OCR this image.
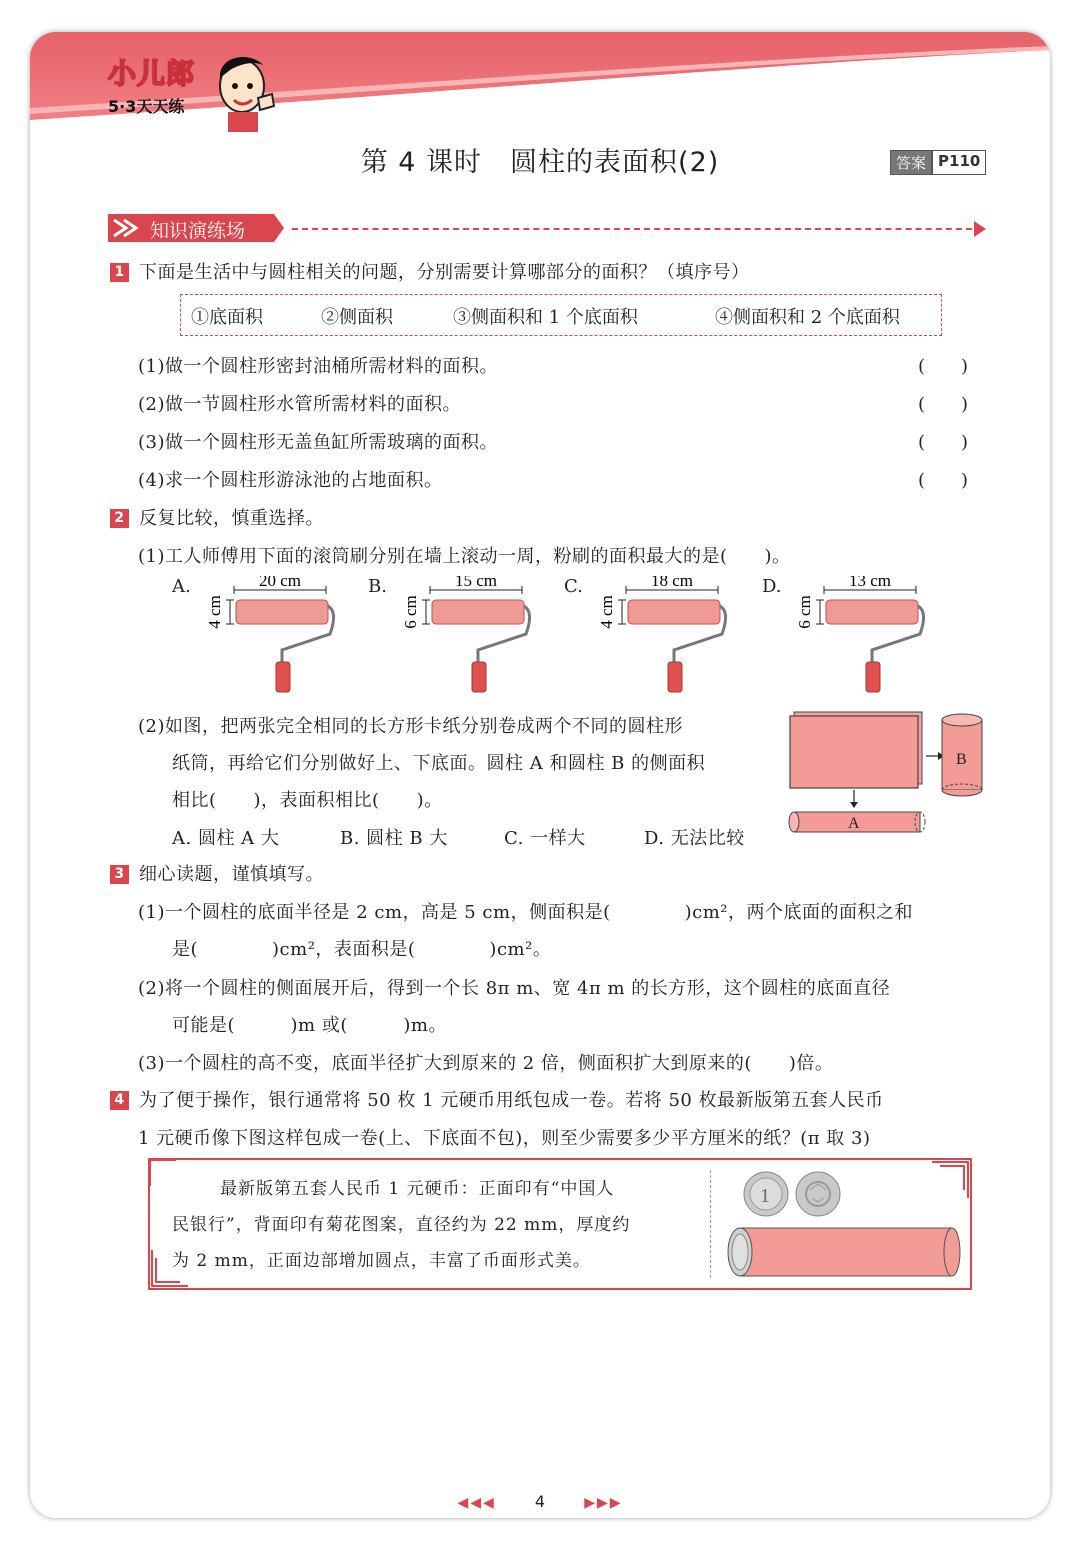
小儿郎
5·3天天练
第 4 课时　圆柱的表面积(2)	答案 P110
知识演练场
1 下面是生活中与圆柱相关的问题，分别需要计算哪部分的面积？（填序号）
①底面积	②侧面积	③侧面积和 1 个底面积	④侧面积和 2 个底面积
(1)做一个圆柱形密封油桶所需材料的面积。	(　　)
(2)做一节圆柱形水管所需材料的面积。	(　　)
(3)做一个圆柱形无盖鱼缸所需玻璃的面积。	(　　)
(4)求一个圆柱形游泳池的占地面积。	(　　)
2 反复比较，慎重选择。
(1)工人师傅用下面的滚筒刷分别在墙上滚动一周，粉刷的面积最大的是(　　)。
A.	20 cm
4 cm
B.	15 cm
6 cm
C.	18 cm
4 cm
D.	13 cm
6 cm
(2)如图，把两张完全相同的长方形卡纸分别卷成两个不同的圆柱形
纸筒，再给它们分别做好上、下底面。圆柱 A 和圆柱 B 的侧面积
相比(　　)，表面积相比(　　)。
A. 圆柱 A 大	B. 圆柱 B 大	C. 一样大	D. 无法比较
B
A
3 细心读题，谨慎填写。
(1)一个圆柱的底面半径是 2 cm，高是 5 cm，侧面积是(　　　　)cm²，两个底面的面积之和
是(　　　　)cm²，表面积是(　　　　)cm²。
(2)将一个圆柱的侧面展开后，得到一个长 8π m、宽 4π m 的长方形，这个圆柱的底面直径
可能是(　　　)m 或(　　　)m。
(3)一个圆柱的高不变，底面半径扩大到原来的 2 倍，侧面积扩大到原来的(　　)倍。
4 为了便于操作，银行通常将 50 枚 1 元硬币用纸包成一卷。若将 50 枚最新版第五套人民币
1 元硬币像下图这样包成一卷(上、下底面不包)，则至少需要多少平方厘米的纸？(π 取 3)
最新版第五套人民币 1 元硬币：正面印有“中国人
民银行”，背面印有菊花图案，直径约为 22 mm，厚度约
为 2 mm，正面边部增加圆点，丰富了币面形式美。
1
◀◀◀ 4	▶▶▶
